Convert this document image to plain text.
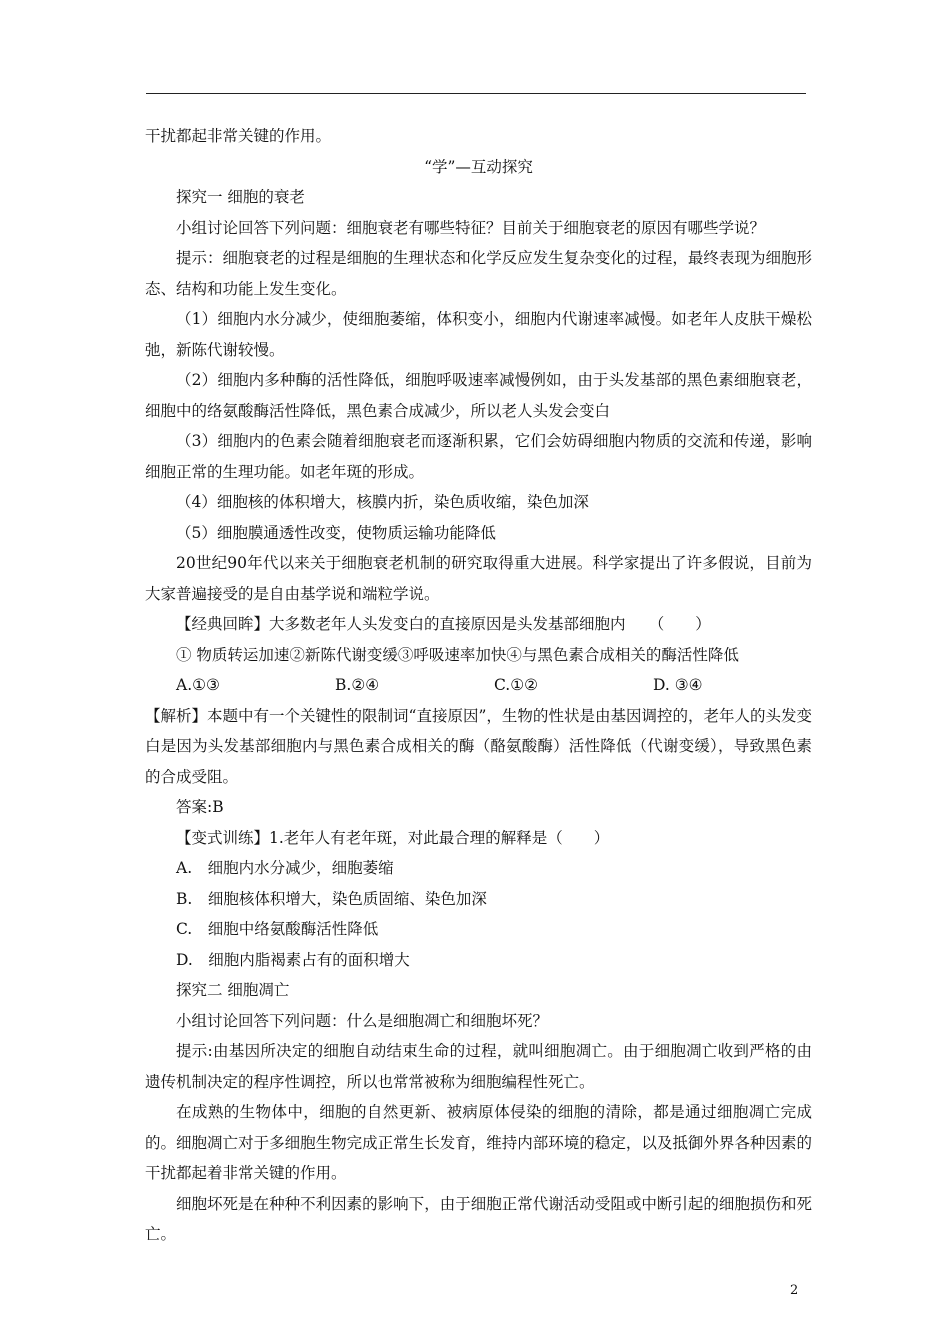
干扰都起非常关键的作用。

“学”—互动探究

探究一 细胞的衰老

小组讨论回答下列问题：细胞衰老有哪些特征？目前关于细胞衰老的原因有哪些学说？

提示：细胞衰老的过程是细胞的生理状态和化学反应发生复杂变化的过程，最终表现为细胞形态、结构和功能上发生变化。

（1）细胞内水分减少，使细胞萎缩，体积变小，细胞内代谢速率减慢。如老年人皮肤干燥松弛，新陈代谢较慢。

（2）细胞内多种酶的活性降低，细胞呼吸速率减慢例如，由于头发基部的黑色素细胞衰老，细胞中的络氨酸酶活性降低，黑色素合成减少，所以老人头发会变白

（3）细胞内的色素会随着细胞衰老而逐渐积累，它们会妨碍细胞内物质的交流和传递，影响细胞正常的生理功能。如老年斑的形成。

（4）细胞核的体积增大，核膜内折，染色质收缩，染色加深

（5）细胞膜通透性改变，使物质运输功能降低

20世纪90年代以来关于细胞衰老机制的研究取得重大进展。科学家提出了许多假说，目前为大家普遍接受的是自由基学说和端粒学说。

【经典回眸】大多数老年人头发变白的直接原因是头发基部细胞内　　（　　）

① 物质转运加速②新陈代谢变缓③呼吸速率加快④与黑色素合成相关的酶活性降低

A.①③	B.②④	C.①②	D. ③④

【解析】本题中有一个关键性的限制词“直接原因”，生物的性状是由基因调控的，老年人的头发变白是因为头发基部细胞内与黑色素合成相关的酶（酪氨酸酶）活性降低（代谢变缓），导致黑色素的合成受阻。

答案:B

【变式训练】1.老年人有老年斑，对此最合理的解释是（　　）

A.　细胞内水分减少，细胞萎缩

B.　细胞核体积增大，染色质固缩、染色加深

C.　细胞中络氨酸酶活性降低

D.　细胞内脂褐素占有的面积增大

探究二 细胞凋亡

小组讨论回答下列问题：什么是细胞凋亡和细胞坏死？

提示:由基因所决定的细胞自动结束生命的过程，就叫细胞凋亡。由于细胞凋亡收到严格的由遗传机制决定的程序性调控，所以也常常被称为细胞编程性死亡。

在成熟的生物体中，细胞的自然更新、被病原体侵染的细胞的清除，都是通过细胞凋亡完成的。细胞凋亡对于多细胞生物完成正常生长发育，维持内部环境的稳定，以及抵御外界各种因素的干扰都起着非常关键的作用。

细胞坏死是在种种不利因素的影响下，由于细胞正常代谢活动受阻或中断引起的细胞损伤和死亡。

2
